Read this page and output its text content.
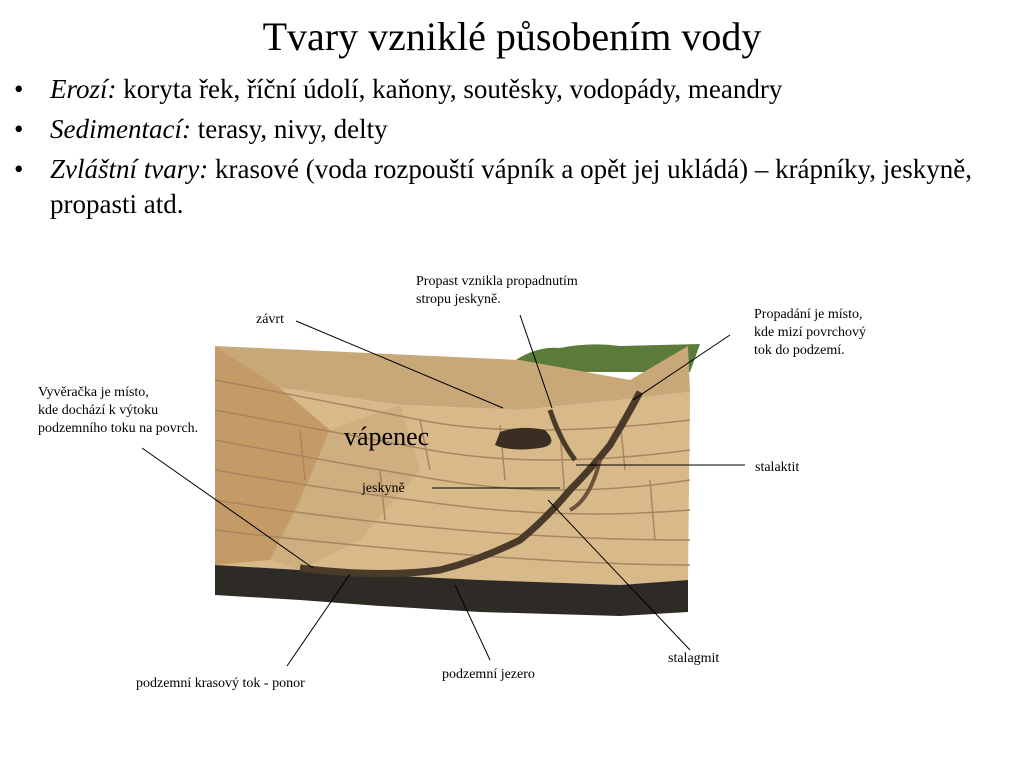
Tvary vzniklé působením vody
• Erozí: koryta řek, říční údolí, kaňony, soutěsky, vodopády, meandry
• Sedimentací: terasy, nivy, delty
• Zvláštní tvary: krasové (voda rozpouští vápník a opět jej ukládá) – krápníky, jeskyně, propasti atd.
Propast vznikla propadnutím
stropu jeskyně.
závrt	Propadání je místo,
kde mizí povrchový
tok do podzemí.
Vyvěračka je místo,
kde dochází k výtoku
podzemního toku na povrch.	vápenec
jeskyně
stalaktit
stalagmit
podzemní krasový tok - ponor
podzemní jezero
